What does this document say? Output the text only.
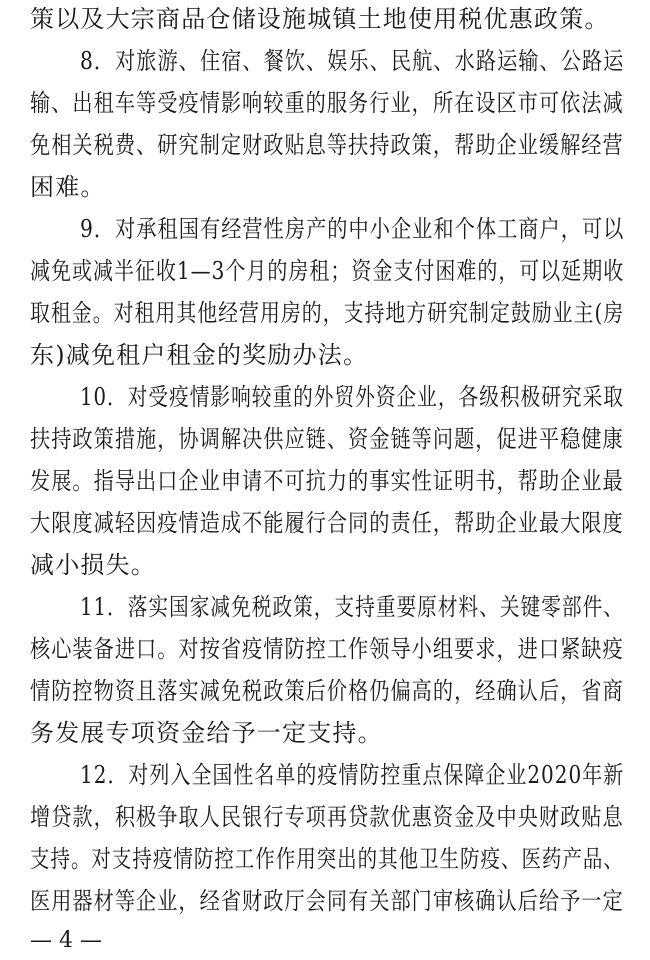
策以及大宗商品仓储设施城镇土地使用税优惠政策。
8．对旅游、住宿、餐饮、娱乐、民航、水路运输、公路运
输、出租车等受疫情影响较重的服务行业，所在设区市可依法减
免相关税费、研究制定财政贴息等扶持政策，帮助企业缓解经营
困难。
9．对承租国有经营性房产的中小企业和个体工商户，可以
减免或减半征收1—3个月的房租；资金支付困难的，可以延期收
取租金。对租用其他经营用房的，支持地方研究制定鼓励业主(房
东)减免租户租金的奖励办法。
10．对受疫情影响较重的外贸外资企业，各级积极研究采取
扶持政策措施，协调解决供应链、资金链等问题，促进平稳健康
发展。指导出口企业申请不可抗力的事实性证明书，帮助企业最
大限度减轻因疫情造成不能履行合同的责任，帮助企业最大限度
减小损失。
11．落实国家减免税政策，支持重要原材料、关键零部件、
核心装备进口。对按省疫情防控工作领导小组要求，进口紧缺疫
情防控物资且落实减免税政策后价格仍偏高的，经确认后，省商
务发展专项资金给予一定支持。
12．对列入全国性名单的疫情防控重点保障企业2020年新
增贷款，积极争取人民银行专项再贷款优惠资金及中央财政贴息
支持。对支持疫情防控工作作用突出的其他卫生防疫、医药产品、
医用器材等企业，经省财政厅会同有关部门审核确认后给予一定
— 4 —
